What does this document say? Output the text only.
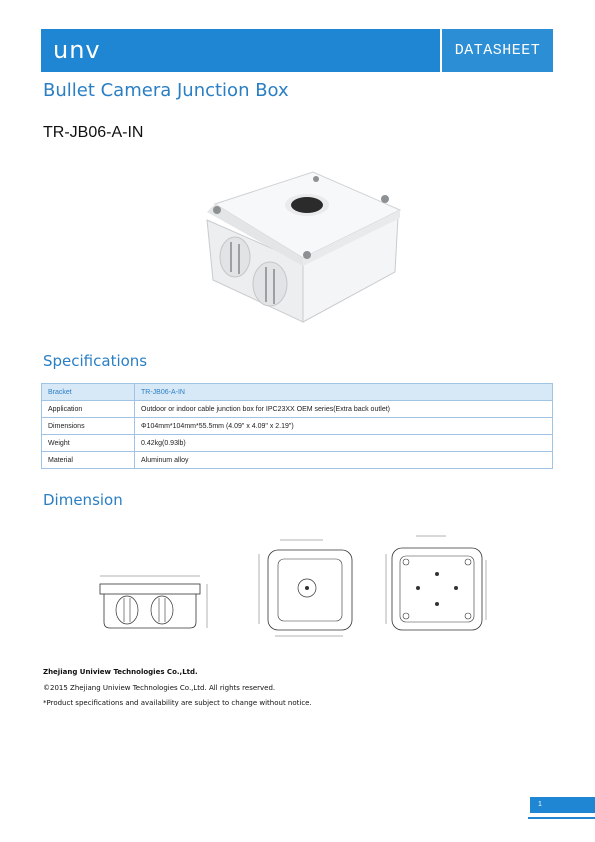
unv	DATASHEET
Bullet Camera Junction Box
TR-JB06-A-IN
Specifications
Bracket	TR-JB06-A-IN
Application	Outdoor or indoor cable junction box for IPC23XX OEM series(Extra back outlet)
Dimensions	Φ104mm*104mm*55.5mm (4.09" x 4.09" x 2.19")
Weight	0.42kg(0.93lb)
Material	Aluminum alloy
Dimension
Zhejiang Uniview Technologies Co.,Ltd.
©2015 Zhejiang Uniview Technologies Co.,Ltd. All rights reserved.
*Product specifications and availability are subject to change without notice.
1
